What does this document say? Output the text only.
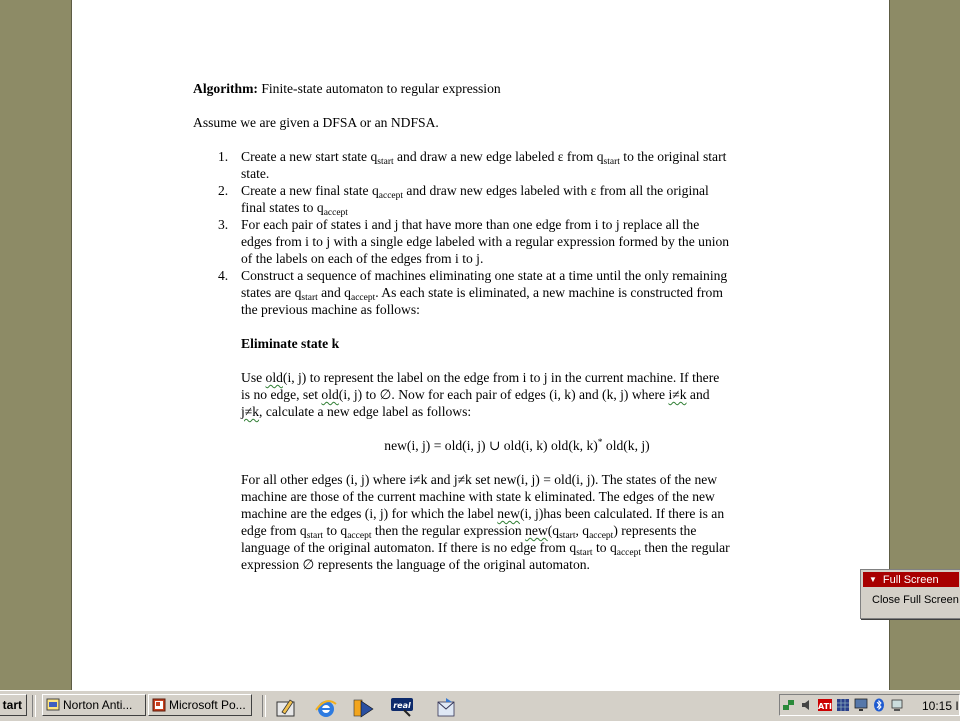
Algorithm: Finite-state automaton to regular expression
Assume we are given a DFSA or an NDFSA.
1. Create a new start state $q_{start}$ and draw a new edge labeled ε from $q_{start}$ to the original start
state.
2. Create a new final state $q_{accept}$ and draw new edges labeled with ε from all the original
final states to $q_{accept}$
3. For each pair of states i and j that have more than one edge from i to j replace all the
edges from i to j with a single edge labeled with a regular expression formed by the union
of the labels on each of the edges from i to j.
4. Construct a sequence of machines eliminating one state at a time until the only remaining
states are $q_{start}$ and $q_{accept}$. As each state is eliminated, a new machine is constructed from
the previous machine as follows:
Eliminate state k
Use old(i, j) to represent the label on the edge from i to j in the current machine. If there
is no edge, set old(i, j) to ∅. Now for each pair of edges (i, k) and (k, j) where i≠k and
j≠k, calculate a new edge label as follows:
new(i, j) = old(i, j) ∪ old(i, k) old(k, k)* old(k, j)
For all other edges (i, j) where i≠k and j≠k set new(i, j) = old(i, j). The states of the new
machine are those of the current machine with state k eliminated. The edges of the new
machine are the edges (i, j) for which the label new(i, j)has been calculated. If there is an
edge from $q_{start}$ to $q_{accept}$ then the regular expression $new(q_{start}$, $q_{accept}$) represents the
language of the original automaton. If there is no edge from $q_{start}$ to $q_{accept}$ then the regular
expression ∅ represents the language of the original automaton.
▼ Full Screen
Close Full Screen
tart	Norton Anti...	Microsoft Po...	real	ATI	10:15 I
